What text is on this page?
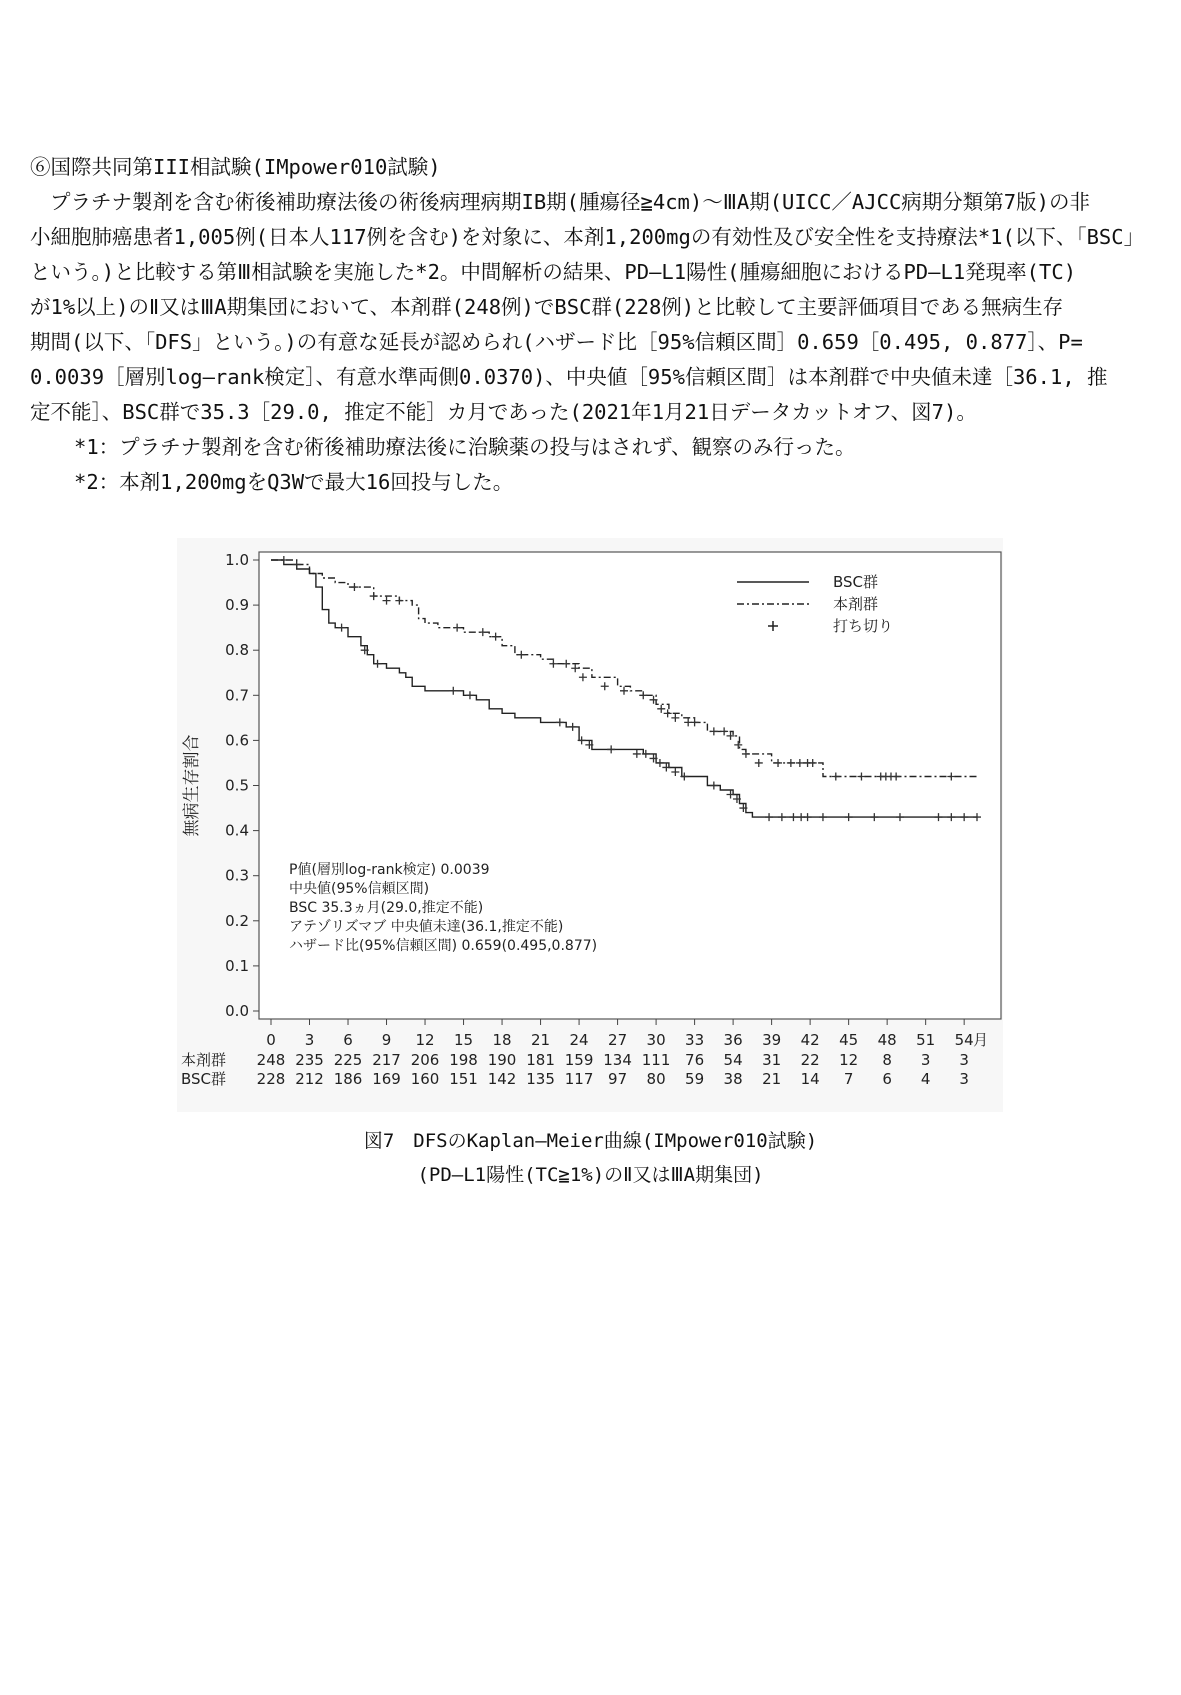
⑥国際共同第III相試験(IMpower010試験)

プラチナ製剤を含む術後補助療法後の術後病理病期IB期(腫瘍径≧4cm)～ⅢA期(UICC／AJCC病期分類第7版)の非

小細胞肺癌患者1,005例(日本人117例を含む)を対象に、本剤1,200mgの有効性及び安全性を支持療法*1(以下、「BSC」

という。)と比較する第Ⅲ相試験を実施した*2。中間解析の結果、PD―L1陽性(腫瘍細胞におけるPD―L1発現率(TC)

が1%以上)のⅡ又はⅢA期集団において、本剤群(248例)でBSC群(228例)と比較して主要評価項目である無病生存

期間(以下、「DFS」という。)の有意な延長が認められ(ハザード比［95%信頼区間］0.659［0.495, 0.877］、P=

0.0039［層別log―rank検定］、有意水準両側0.0370)、中央値［95%信頼区間］は本剤群で中央値未達［36.1, 推

定不能］、BSC群で35.3［29.0, 推定不能］カ月であった(2021年1月21日データカットオフ、図7)。

*1：プラチナ製剤を含む術後補助療法後に治験薬の投与はされず、観察のみ行った。

*2：本剤1,200mgをQ3Wで最大16回投与した。

0.0
0.1
0.2
0.3
0.4
0.5
0.6
0.7
0.8
0.9
1.0
0 3 6 9 12 15 18 21 24 27 30 33 36 39 42 45 48 51 54 月
無病生存割合
BSC群
本剤群
打ち切り
P値(層別log-rank検定) 0.0039
中央値(95%信頼区間)
BSC 35.3ヵ月(29.0,推定不能)
アテゾリズマブ 中央値未達(36.1,推定不能)
ハザード比(95%信頼区間) 0.659(0.495,0.877)
本剤群 248 235 225 217 206 198 190 181 159 134 111 76 54 31 22 12 8 3 3
BSC群 228 212 186 169 160 151 142 135 117 97 80 59 38 21 14 7 6 4 3
図7　DFSのKaplan―Meier曲線(IMpower010試験)
(PD―L1陽性(TC≧1%)のⅡ又はⅢA期集団)
